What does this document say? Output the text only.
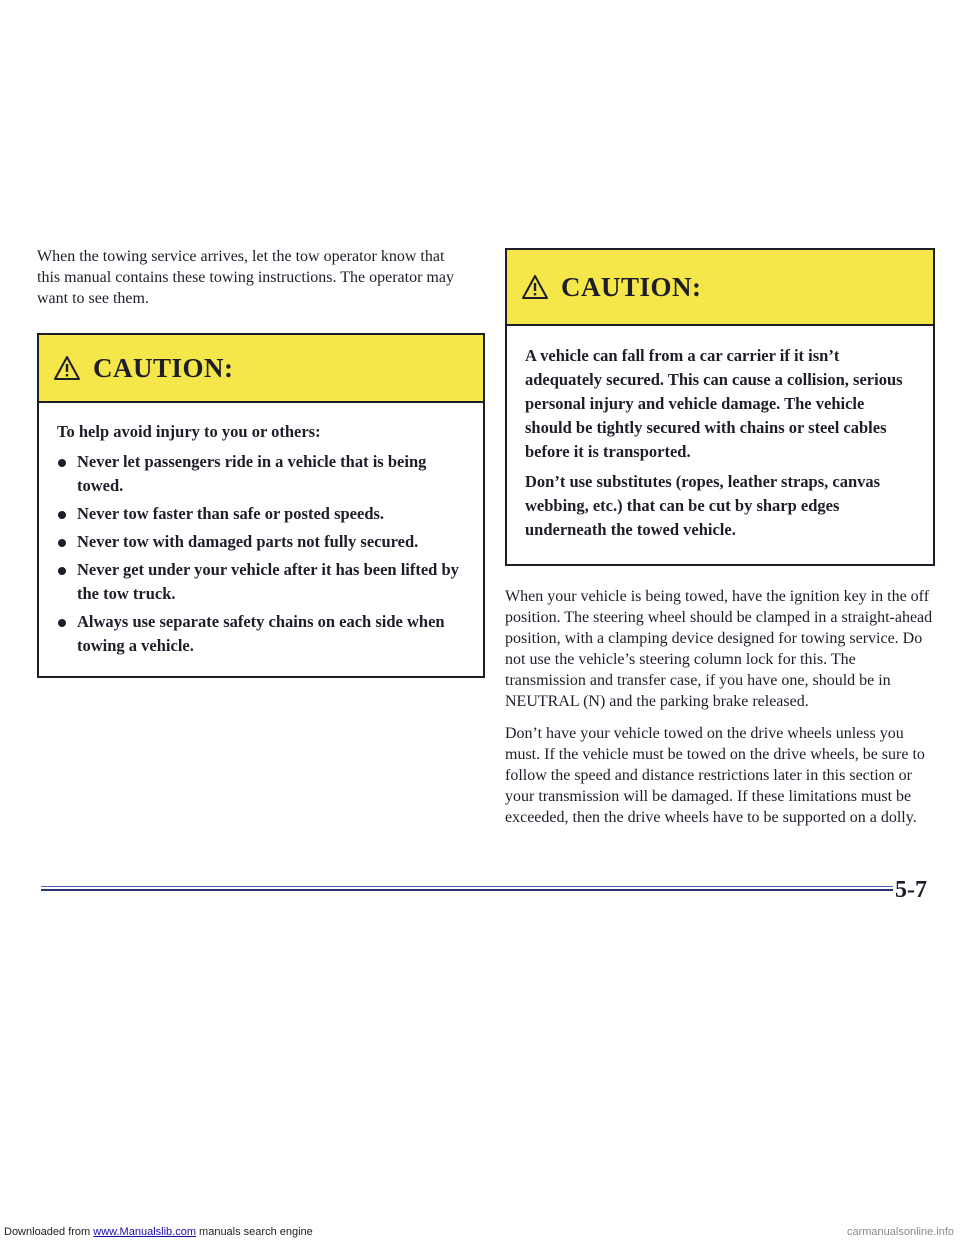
When the towing service arrives, let the tow operator know that this manual contains these towing instructions. The operator may want to see them.

CAUTION:

To help avoid injury to you or others:

Never let passengers ride in a vehicle that is being towed.
Never tow faster than safe or posted speeds.
Never tow with damaged parts not fully secured.
Never get under your vehicle after it has been lifted by the tow truck.
Always use separate safety chains on each side when towing a vehicle.
CAUTION:

A vehicle can fall from a car carrier if it isn’t adequately secured. This can cause a collision, serious personal injury and vehicle damage. The vehicle should be tightly secured with chains or steel cables before it is transported.

Don’t use substitutes (ropes, leather straps, canvas webbing, etc.) that can be cut by sharp edges underneath the towed vehicle.

When your vehicle is being towed, have the ignition key in the off position. The steering wheel should be clamped in a straight-ahead position, with a clamping device designed for towing service. Do not use the vehicle’s steering column lock for this. The transmission and transfer case, if you have one, should be in NEUTRAL (N) and the parking brake released.

Don’t have your vehicle towed on the drive wheels unless you must. If the vehicle must be towed on the drive wheels, be sure to follow the speed and distance restrictions later in this section or your transmission will be damaged. If these limitations must be exceeded, then the drive wheels have to be supported on a dolly.

5-7
Downloaded from www.Manualslib.com manuals search engine	carmanualsonline.info
